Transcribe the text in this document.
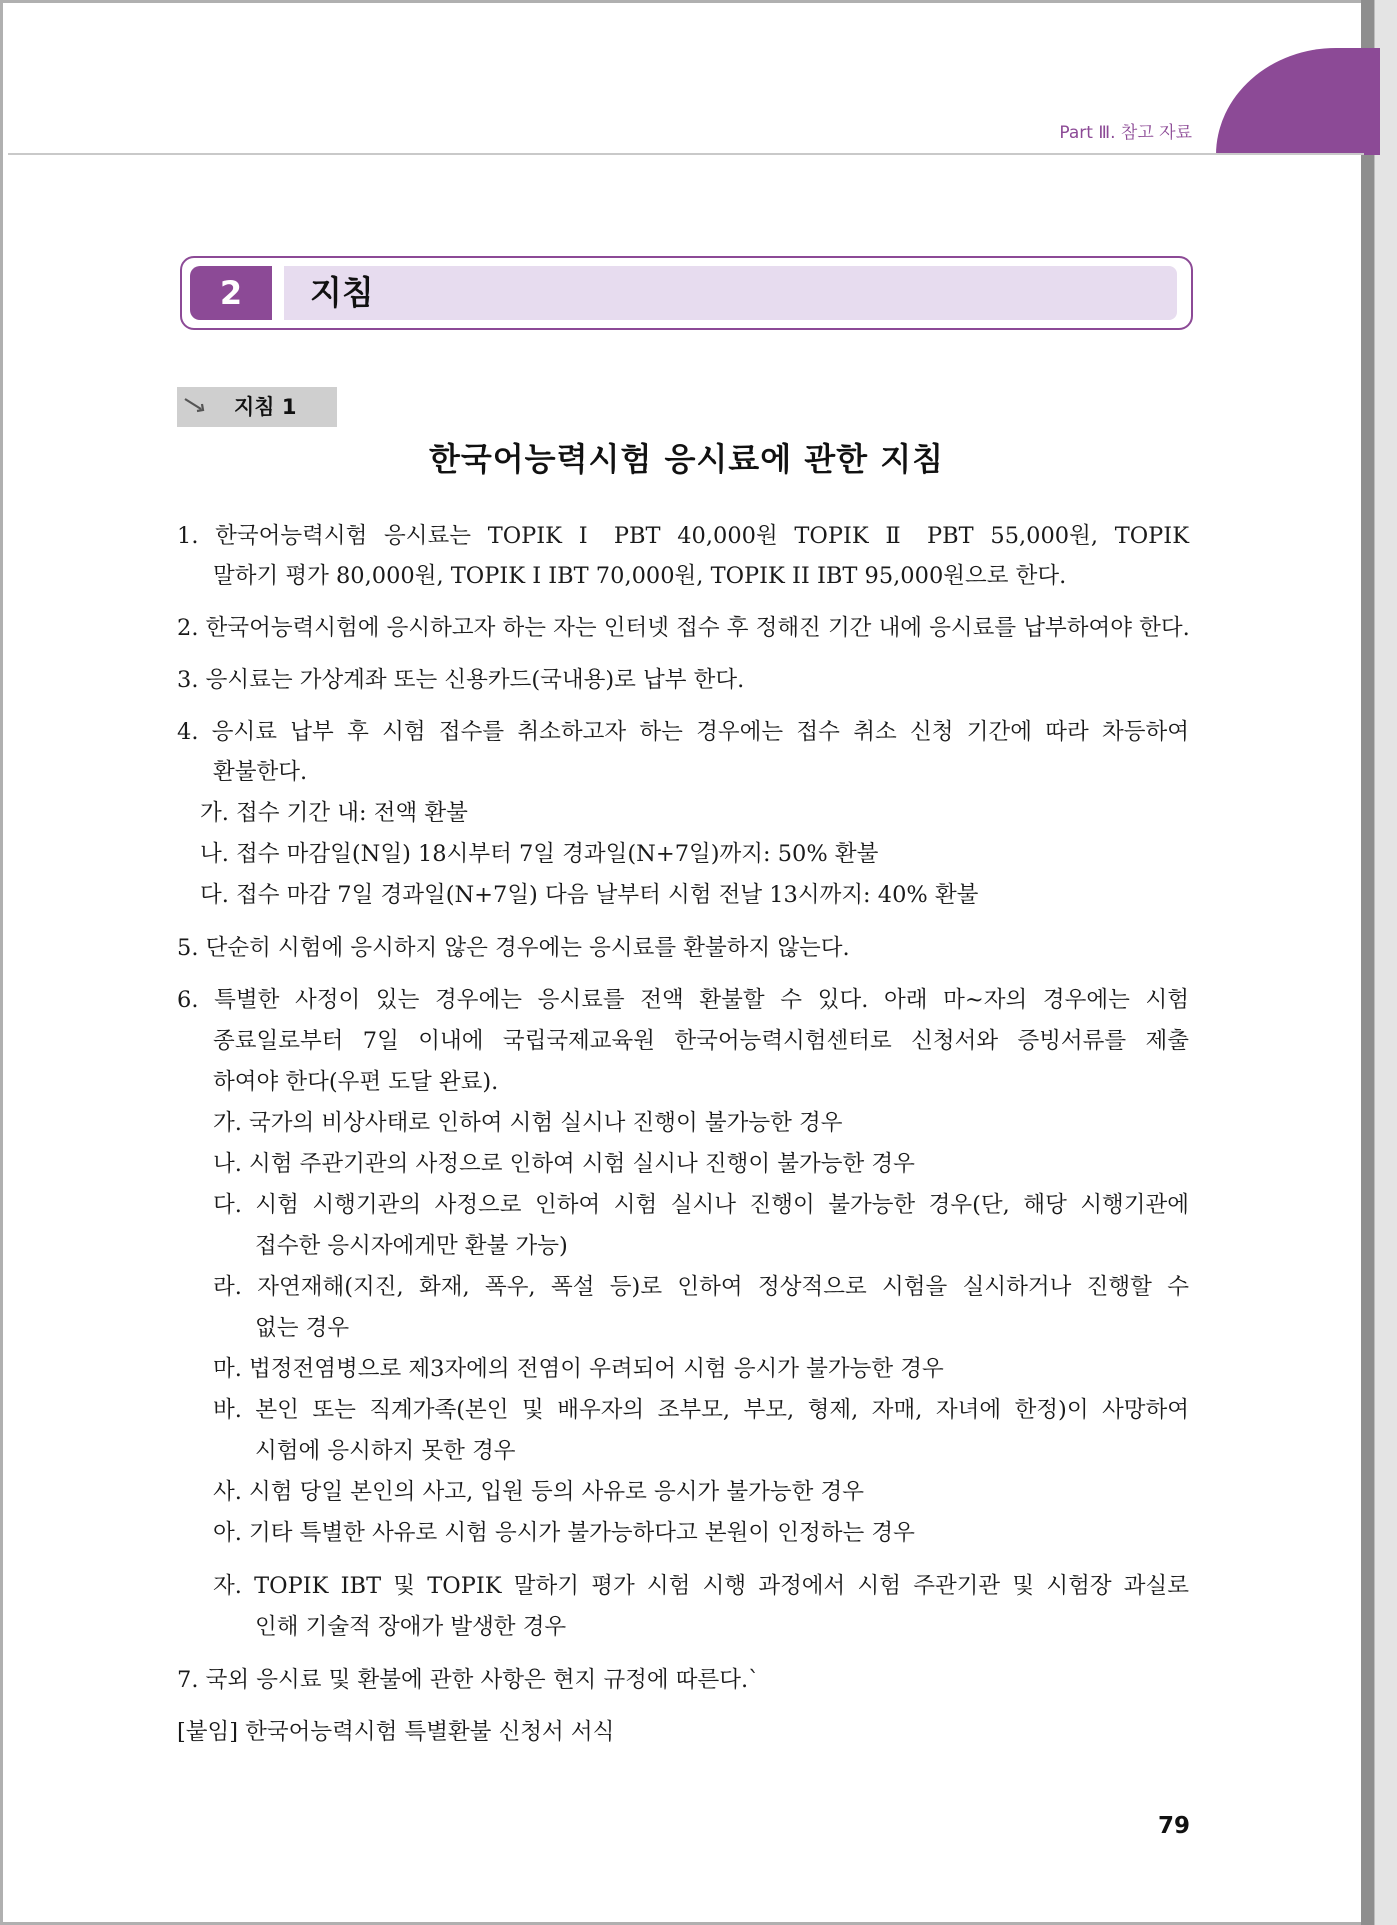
Part Ⅲ. 참고 자료
2	지침
지침 1
한국어능력시험 응시료에 관한 지침
1. 한국어능력시험 응시료는 TOPIK Ⅰ PBT 40,000원 TOPIK Ⅱ PBT 55,000원, TOPIK
말하기 평가 80,000원, TOPIK I IBT 70,000원, TOPIK II IBT 95,000원으로 한다.
2. 한국어능력시험에 응시하고자 하는 자는 인터넷 접수 후 정해진 기간 내에 응시료를 납부하여야 한다.
3. 응시료는 가상계좌 또는 신용카드(국내용)로 납부 한다.
4. 응시료 납부 후 시험 접수를 취소하고자 하는 경우에는 접수 취소 신청 기간에 따라 차등하여
환불한다.
가. 접수 기간 내: 전액 환불
나. 접수 마감일(N일) 18시부터 7일 경과일(N+7일)까지: 50% 환불
다. 접수 마감 7일 경과일(N+7일) 다음 날부터 시험 전날 13시까지: 40% 환불
5. 단순히 시험에 응시하지 않은 경우에는 응시료를 환불하지 않는다.
6. 특별한 사정이 있는 경우에는 응시료를 전액 환불할 수 있다. 아래 마~자의 경우에는 시험
종료일로부터 7일 이내에 국립국제교육원 한국어능력시험센터로 신청서와 증빙서류를 제출
하여야 한다(우편 도달 완료).
가. 국가의 비상사태로 인하여 시험 실시나 진행이 불가능한 경우
나. 시험 주관기관의 사정으로 인하여 시험 실시나 진행이 불가능한 경우
다. 시험 시행기관의 사정으로 인하여 시험 실시나 진행이 불가능한 경우(단, 해당 시행기관에
접수한 응시자에게만 환불 가능)
라. 자연재해(지진, 화재, 폭우, 폭설 등)로 인하여 정상적으로 시험을 실시하거나 진행할 수
없는 경우
마. 법정전염병으로 제3자에의 전염이 우려되어 시험 응시가 불가능한 경우
바. 본인 또는 직계가족(본인 및 배우자의 조부모, 부모, 형제, 자매, 자녀에 한정)이 사망하여
시험에 응시하지 못한 경우
사. 시험 당일 본인의 사고, 입원 등의 사유로 응시가 불가능한 경우
아. 기타 특별한 사유로 시험 응시가 불가능하다고 본원이 인정하는 경우
자. TOPIK IBT 및 TOPIK 말하기 평가 시험 시행 과정에서 시험 주관기관 및 시험장 과실로
인해 기술적 장애가 발생한 경우
7. 국외 응시료 및 환불에 관한 사항은 현지 규정에 따른다.`
[붙임] 한국어능력시험 특별환불 신청서 서식
79
